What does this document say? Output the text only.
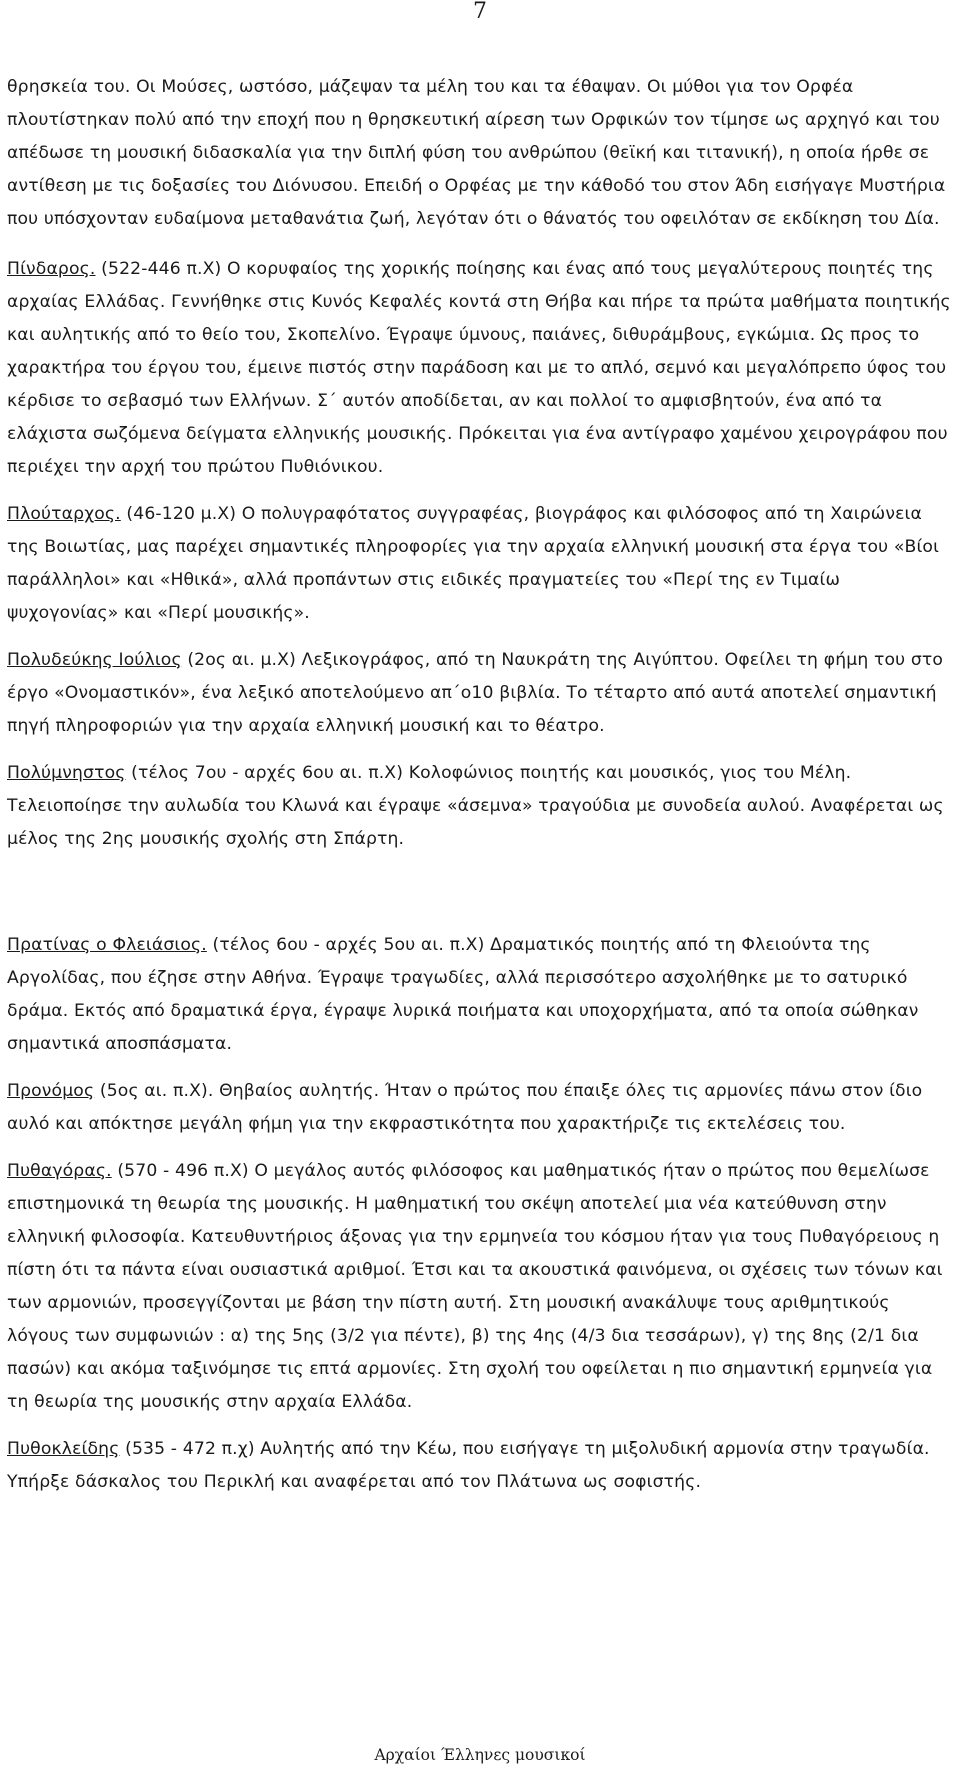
7

θρησκεία του. Οι Μούσες, ωστόσο, μάζεψαν τα μέλη του και τα έθαψαν. Οι μύθοι για τον Ορφέα πλουτίστηκαν πολύ από την εποχή που η θρησκευτική αίρεση των Ορφικών τον τίμησε ως αρχηγό και του απέδωσε τη μουσική διδασκαλία για την διπλή φύση του ανθρώπου (θεϊκή και τιτανική), η οποία ήρθε σε αντίθεση με τις δοξασίες του Διόνυσου. Επειδή ο Ορφέας με την κάθοδό του στον Άδη εισήγαγε Μυστήρια που υπόσχονταν ευδαίμονα μεταθανάτια ζωή, λεγόταν ότι ο θάνατός του οφειλόταν σε εκδίκηση του Δία.

Πίνδαρος. (522-446 π.Χ) Ο κορυφαίος της χορικής ποίησης και ένας από τους μεγαλύτερους ποιητές της αρχαίας Ελλάδας. Γεννήθηκε στις Κυνός Κεφαλές κοντά στη Θήβα και πήρε τα πρώτα μαθήματα ποιητικής και αυλητικής από το θείο του, Σκοπελίνο. Έγραψε ύμνους, παιάνες, διθυράμβους, εγκώμια. Ως προς το χαρακτήρα του έργου του, έμεινε πιστός στην παράδοση και με το απλό, σεμνό και μεγαλόπρεπο ύφος του κέρδισε το σεβασμό των Ελλήνων. Σ΄ αυτόν αποδίδεται, αν και πολλοί το αμφισβητούν, ένα από τα ελάχιστα σωζόμενα δείγματα ελληνικής μουσικής. Πρόκειται για ένα αντίγραφο χαμένου χειρογράφου που περιέχει την αρχή του πρώτου Πυθιόνικου.

Πλούταρχος. (46-120 μ.Χ) Ο πολυγραφότατος συγγραφέας, βιογράφος και φιλόσοφος από τη Χαιρώνεια της Βοιωτίας, μας παρέχει σημαντικές πληροφορίες για την αρχαία ελληνική μουσική στα έργα του «Βίοι παράλληλοι» και «Ηθικά», αλλά προπάντων στις ειδικές πραγματείες του «Περί της εν Τιμαίω ψυχογονίας» και «Περί μουσικής».

Πολυδεύκης Ιούλιος (2ος αι. μ.Χ) Λεξικογράφος, από τη Ναυκράτη της Αιγύπτου. Οφείλει τη φήμη του στο έργο «Ονομαστικόν», ένα λεξικό αποτελούμενο απ΄ο10 βιβλία. Το τέταρτο από αυτά αποτελεί σημαντική πηγή πληροφοριών για την αρχαία ελληνική μουσική και το θέατρο.

Πολύμνηστος (τέλος 7ου - αρχές 6ου αι. π.Χ) Κολοφώνιος ποιητής και μουσικός, γιος του Μέλη. Τελειοποίησε την αυλωδία του Κλωνά και έγραψε «άσεμνα» τραγούδια με συνοδεία αυλού. Αναφέρεται ως μέλος της 2ης μουσικής σχολής στη Σπάρτη.

Πρατίνας ο Φλειάσιος. (τέλος 6ου - αρχές 5ου αι. π.Χ) Δραματικός ποιητής από τη Φλειούντα της Αργολίδας, που έζησε στην Αθήνα. Έγραψε τραγωδίες, αλλά περισσότερο ασχολήθηκε με το σατυρικό δράμα. Εκτός από δραματικά έργα, έγραψε λυρικά ποιήματα και υποχορχήματα, από τα οποία σώθηκαν σημαντικά αποσπάσματα.

Προνόμος (5ος αι. π.Χ). Θηβαίος αυλητής. Ήταν ο πρώτος που έπαιξε όλες τις αρμονίες πάνω στον ίδιο αυλό και απόκτησε μεγάλη φήμη για την εκφραστικότητα που χαρακτήριζε τις εκτελέσεις του.

Πυθαγόρας. (570 - 496 π.Χ) Ο μεγάλος αυτός φιλόσοφος και μαθηματικός ήταν ο πρώτος που θεμελίωσε επιστημονικά τη θεωρία της μουσικής. Η μαθηματική του σκέψη αποτελεί μια νέα κατεύθυνση στην ελληνική φιλοσοφία. Κατευθυντήριος άξονας για την ερμηνεία του κόσμου ήταν για τους Πυθαγόρειους η πίστη ότι τα πάντα είναι ουσιαστικά αριθμοί. Έτσι και τα ακουστικά φαινόμενα, οι σχέσεις των τόνων και των αρμονιών, προσεγγίζονται με βάση την πίστη αυτή. Στη μουσική ανακάλυψε τους αριθμητικούς λόγους των συμφωνιών : α) της 5ης (3/2 για πέντε), β) της 4ης (4/3 δια τεσσάρων), γ) της 8ης (2/1 δια πασών) και ακόμα ταξινόμησε τις επτά αρμονίες. Στη σχολή του οφείλεται η πιο σημαντική ερμηνεία για τη θεωρία της μουσικής στην αρχαία Ελλάδα.

Πυθοκλείδης (535 - 472 π.χ) Αυλητής από την Κέω, που εισήγαγε τη μιξολυδική αρμονία στην τραγωδία. Υπήρξε δάσκαλος του Περικλή και αναφέρεται από τον Πλάτωνα ως σοφιστής.

Αρχαίοι Έλληνες μουσικοί
